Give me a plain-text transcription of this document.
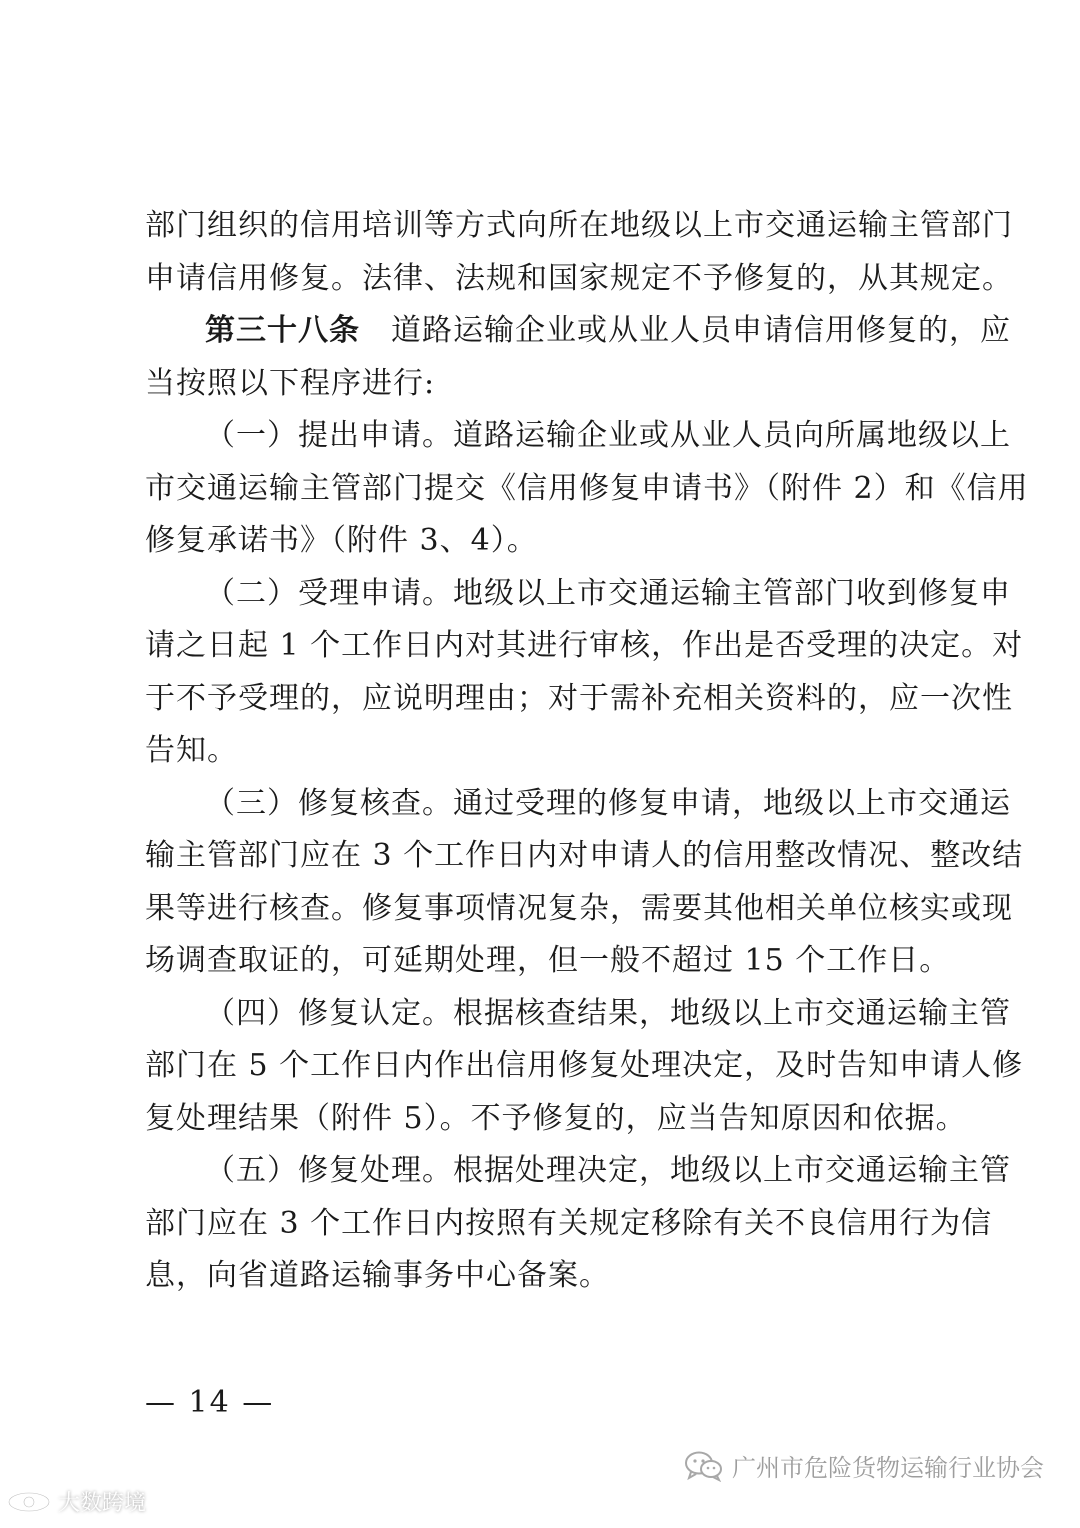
部门组织的信用培训等方式向所在地级以上市交通运输主管部门
申请信用修复。法律、法规和国家规定不予修复的，从其规定。
第三十八条　道路运输企业或从业人员申请信用修复的，应
当按照以下程序进行:
（一）提出申请。道路运输企业或从业人员向所属地级以上
市交通运输主管部门提交《信用修复申请书》（附件 2）和《信用
修复承诺书》（附件 3、4）。
（二）受理申请。地级以上市交通运输主管部门收到修复申
请之日起 1 个工作日内对其进行审核，作出是否受理的决定。对
于不予受理的，应说明理由；对于需补充相关资料的，应一次性
告知。
（三）修复核查。通过受理的修复申请，地级以上市交通运
输主管部门应在 3 个工作日内对申请人的信用整改情况、整改结
果等进行核查。修复事项情况复杂，需要其他相关单位核实或现
场调查取证的，可延期处理，但一般不超过 15 个工作日。
（四）修复认定。根据核查结果，地级以上市交通运输主管
部门在 5 个工作日内作出信用修复处理决定，及时告知申请人修
复处理结果（附件 5）。不予修复的，应当告知原因和依据。
（五）修复处理。根据处理决定，地级以上市交通运输主管
部门应在 3 个工作日内按照有关规定移除有关不良信用行为信
息，向省道路运输事务中心备案。
— 14 —
广州市危险货物运输行业协会
大数跨境
